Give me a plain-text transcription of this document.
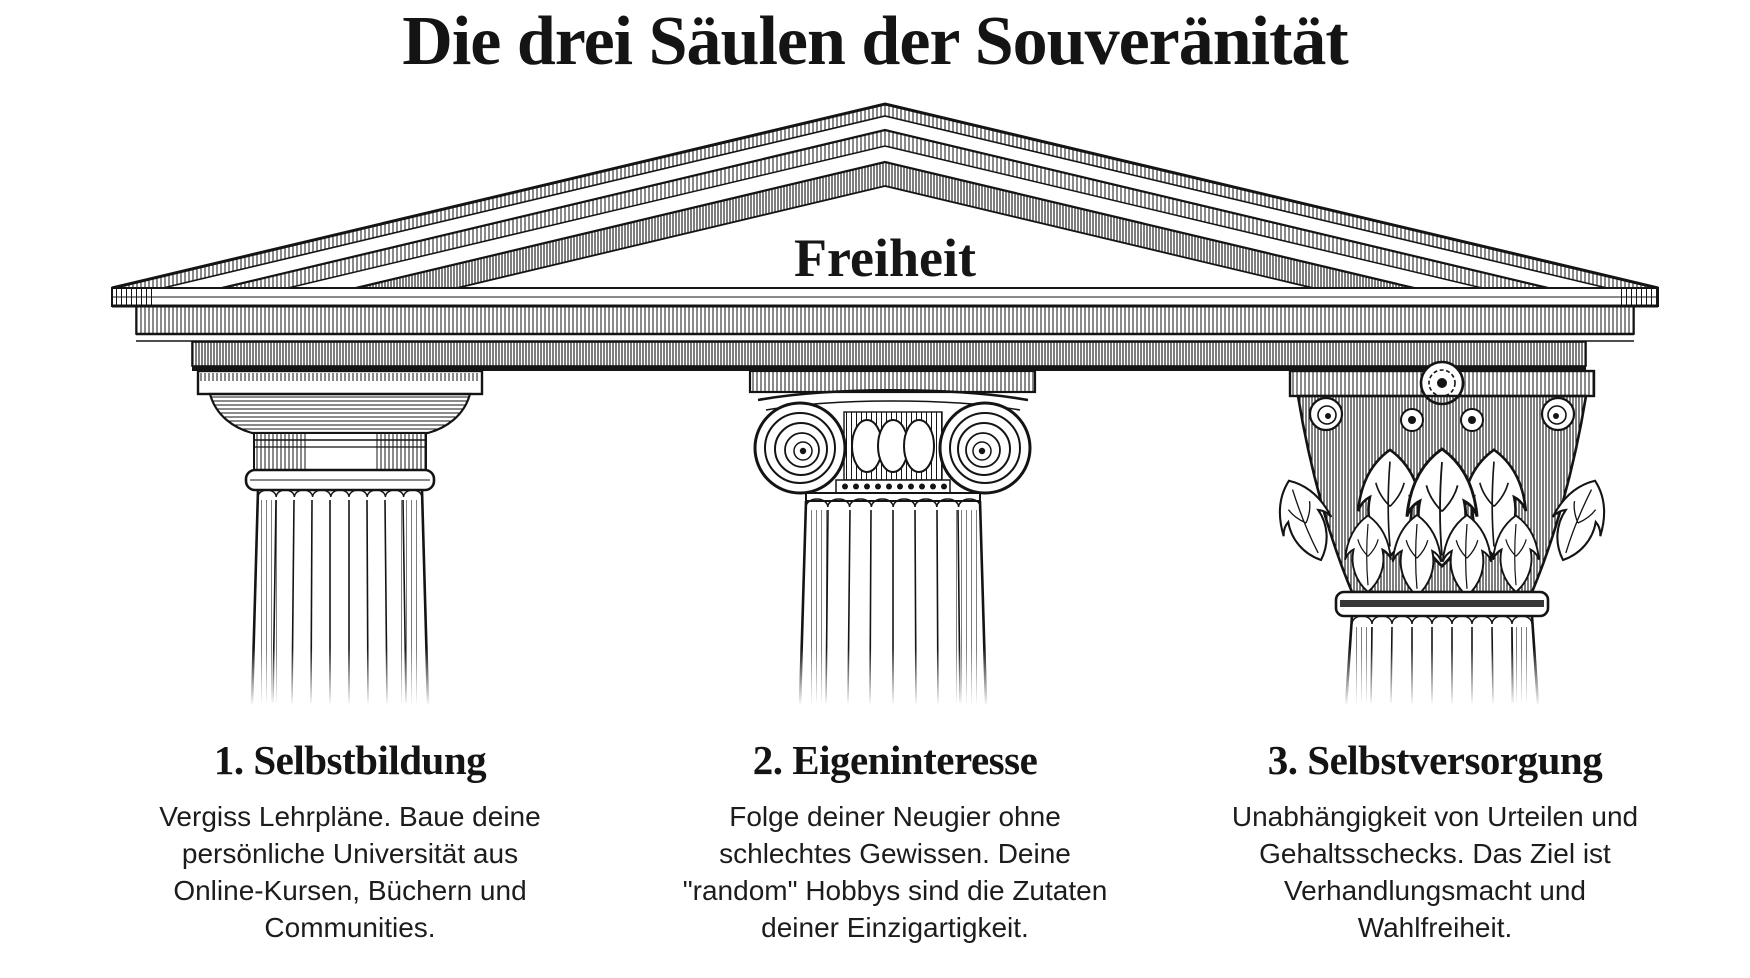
Die drei Säulen der Souveränität
Freiheit
1. Selbstbildung
Vergiss Lehrpläne. Baue deine
persönliche Universität aus
Online-Kursen, Büchern und
Communities.
2. Eigeninteresse
Folge deiner Neugier ohne
schlechtes Gewissen. Deine
"random" Hobbys sind die Zutaten
deiner Einzigartigkeit.
3. Selbstversorgung
Unabhängigkeit von Urteilen und
Gehaltsschecks. Das Ziel ist
Verhandlungsmacht und
Wahlfreiheit.
